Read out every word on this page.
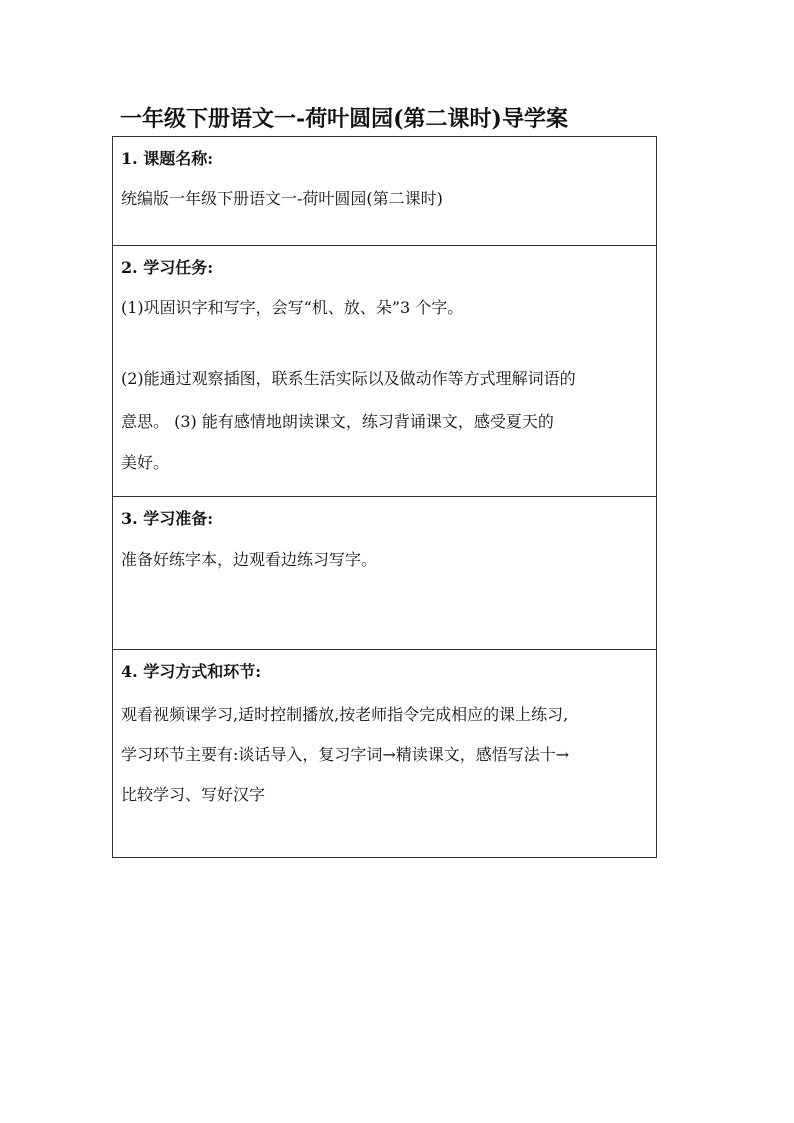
一年级下册语文一-荷叶圆园(第二课时)导学案
1. 课题名称:
统编版一年级下册语文一-荷叶圆园(第二课时)
2. 学习任务:
(1)巩固识字和写字，会写“机、放、朵”3 个字。
(2)能通过观察插图，联系生活实际以及做动作等方式理解词语的
意思。 (3) 能有感情地朗读课文，练习背诵课文，感受夏天的
美好。
3. 学习准备:
准备好练字本，边观看边练习写字。
4. 学习方式和环节:
观看视频课学习,适时控制播放,按老师指令完成相应的课上练习,
学习环节主要有:谈话导入，复习字词→精读课文，感悟写法十→
比较学习、写好汉字
